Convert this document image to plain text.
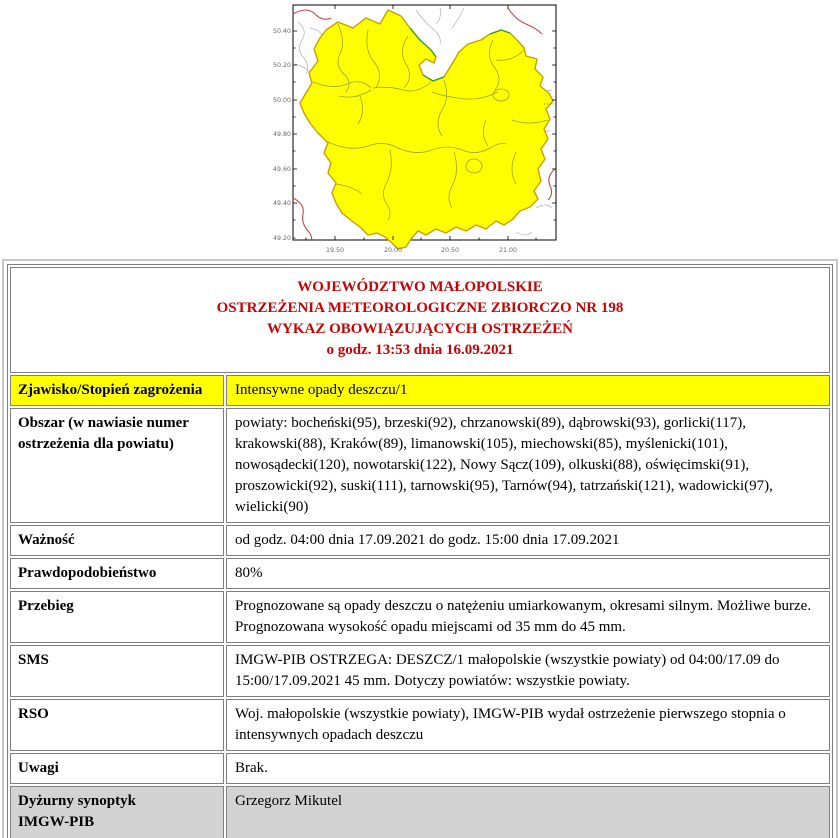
50.40
50.20
50.00
49.80
49.60
49.40
49.20
19.50	20.00	20.50	21.00
WOJEWÓDZTWO MAŁOPOLSKIE
OSTRZEŻENIA METEOROLOGICZNE ZBIORCZO NR 198
WYKAZ OBOWIĄZUJĄCYCH OSTRZEŻEŃ
o godz. 13:53 dnia 16.09.2021	

Zjawisko/Stopień zagrożenia	Intensywne opady deszczu/1
Obszar (w nawiasie numer ostrzeżenia dla powiatu)	powiaty: bocheński(95), brzeski(92), chrzanowski(89), dąbrowski(93), gorlicki(117), krakowski(88), Kraków(89), limanowski(105), miechowski(85), myślenicki(101), nowosądecki(120), nowotarski(122), Nowy Sącz(109), olkuski(88), oświęcimski(91), proszowicki(92), suski(111), tarnowski(95), Tarnów(94), tatrzański(121), wadowicki(97), wielicki(90)
Ważność	od godz. 04:00 dnia 17.09.2021 do godz. 15:00 dnia 17.09.2021
Prawdopodobieństwo	80%
Przebieg	Prognozowane są opady deszczu o natężeniu umiarkowanym, okresami silnym. Możliwe burze. Prognozowana wysokość opadu miejscami od 35 mm do 45 mm.
SMS	IMGW-PIB OSTRZEGA: DESZCZ/1 małopolskie (wszystkie powiaty) od 04:00/17.09 do 15:00/17.09.2021 45 mm. Dotyczy powiatów: wszystkie powiaty.
RSO	Woj. małopolskie (wszystkie powiaty), IMGW-PIB wydał ostrzeżenie pierwszego stopnia o intensywnych opadach deszczu
Uwagi	Brak.

Dyżurny synoptyk
IMGW-PIB	Grzegorz Mikutel
